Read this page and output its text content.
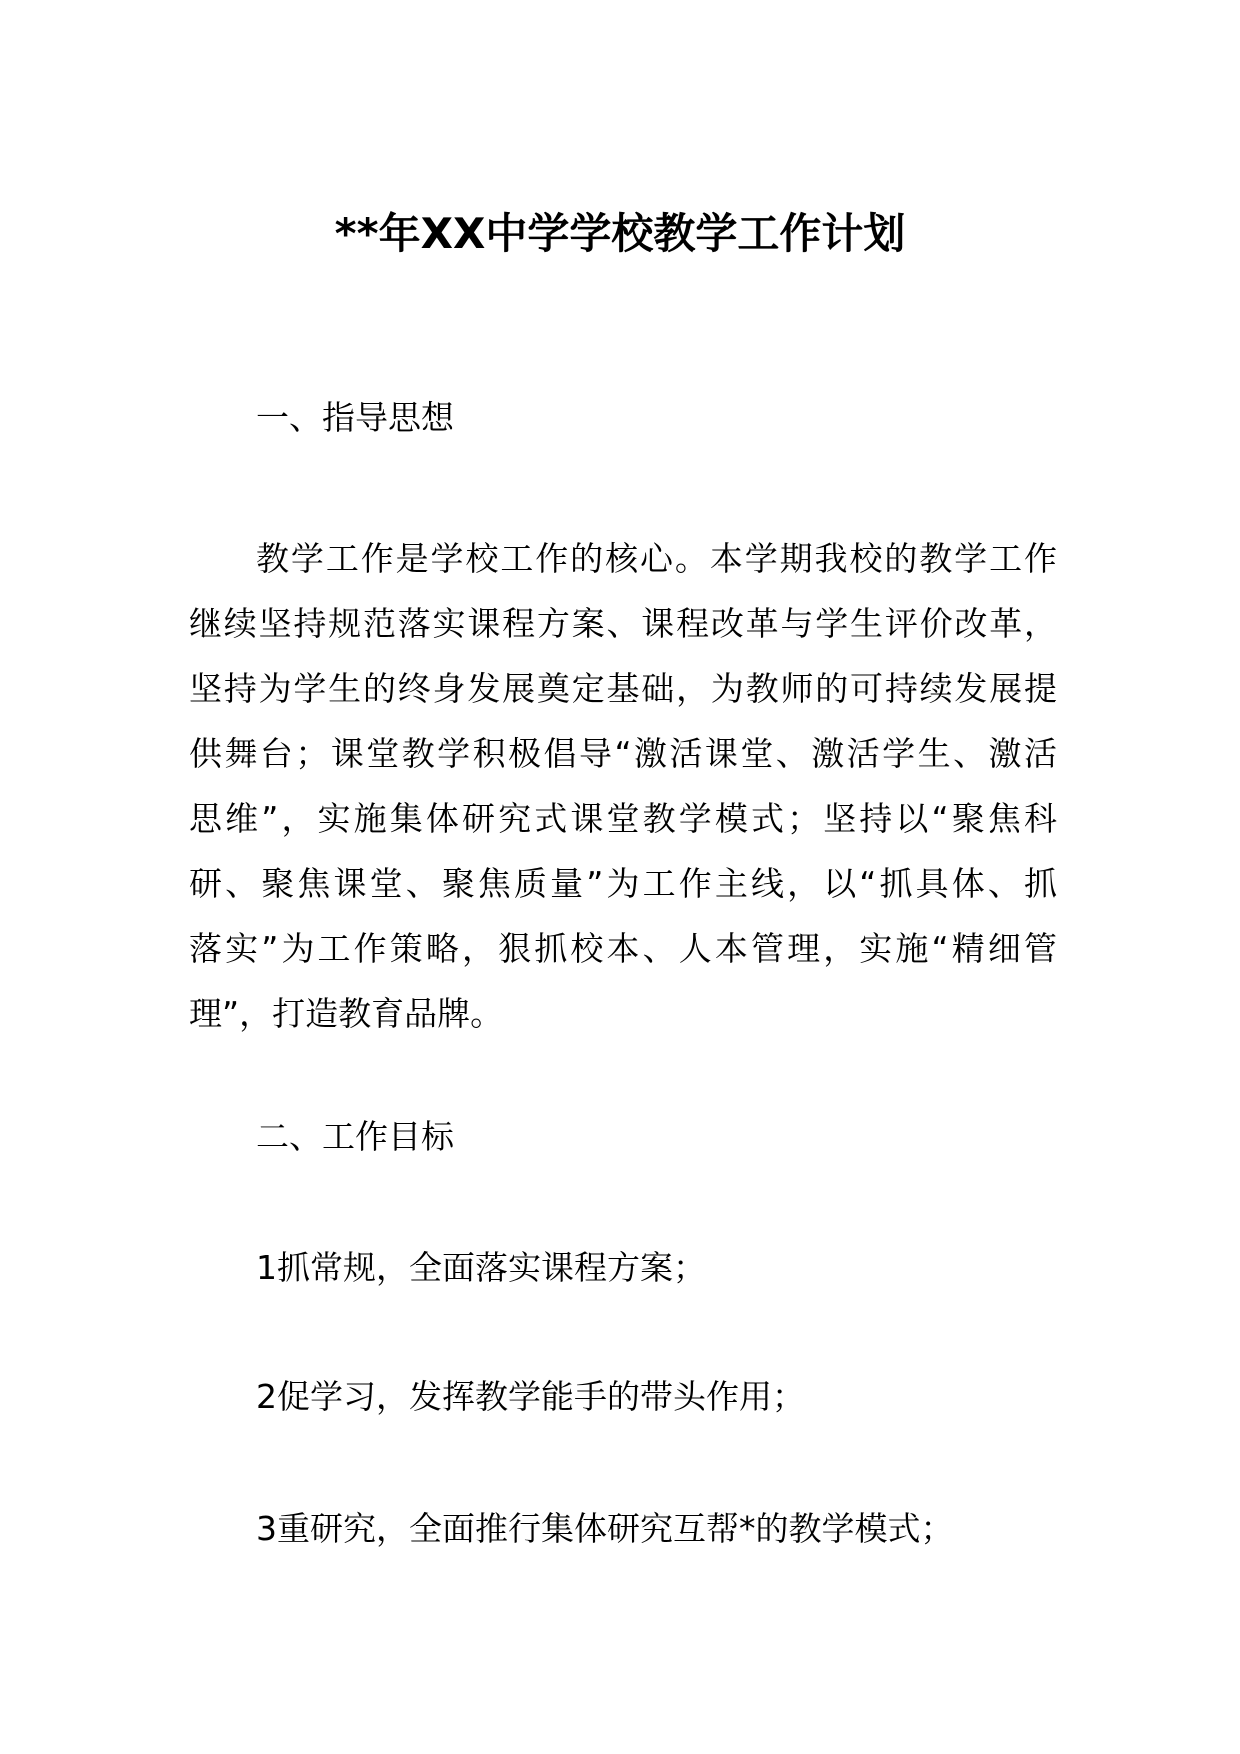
**年XX中学学校教学工作计划
一、指导思想
教学工作是学校工作的核心。本学期我校的教学工作
继续坚持规范落实课程方案、课程改革与学生评价改革，
坚持为学生的终身发展奠定基础，为教师的可持续发展提
供舞台；课堂教学积极倡导“激活课堂、激活学生、激活
思维”，实施集体研究式课堂教学模式；坚持以“聚焦科
研、聚焦课堂、聚焦质量”为工作主线，以“抓具体、抓
落实”为工作策略，狠抓校本、人本管理，实施“精细管
理”，打造教育品牌。
二、工作目标
1抓常规，全面落实课程方案；
2促学习，发挥教学能手的带头作用；
3重研究，全面推行集体研究互帮*的教学模式；
